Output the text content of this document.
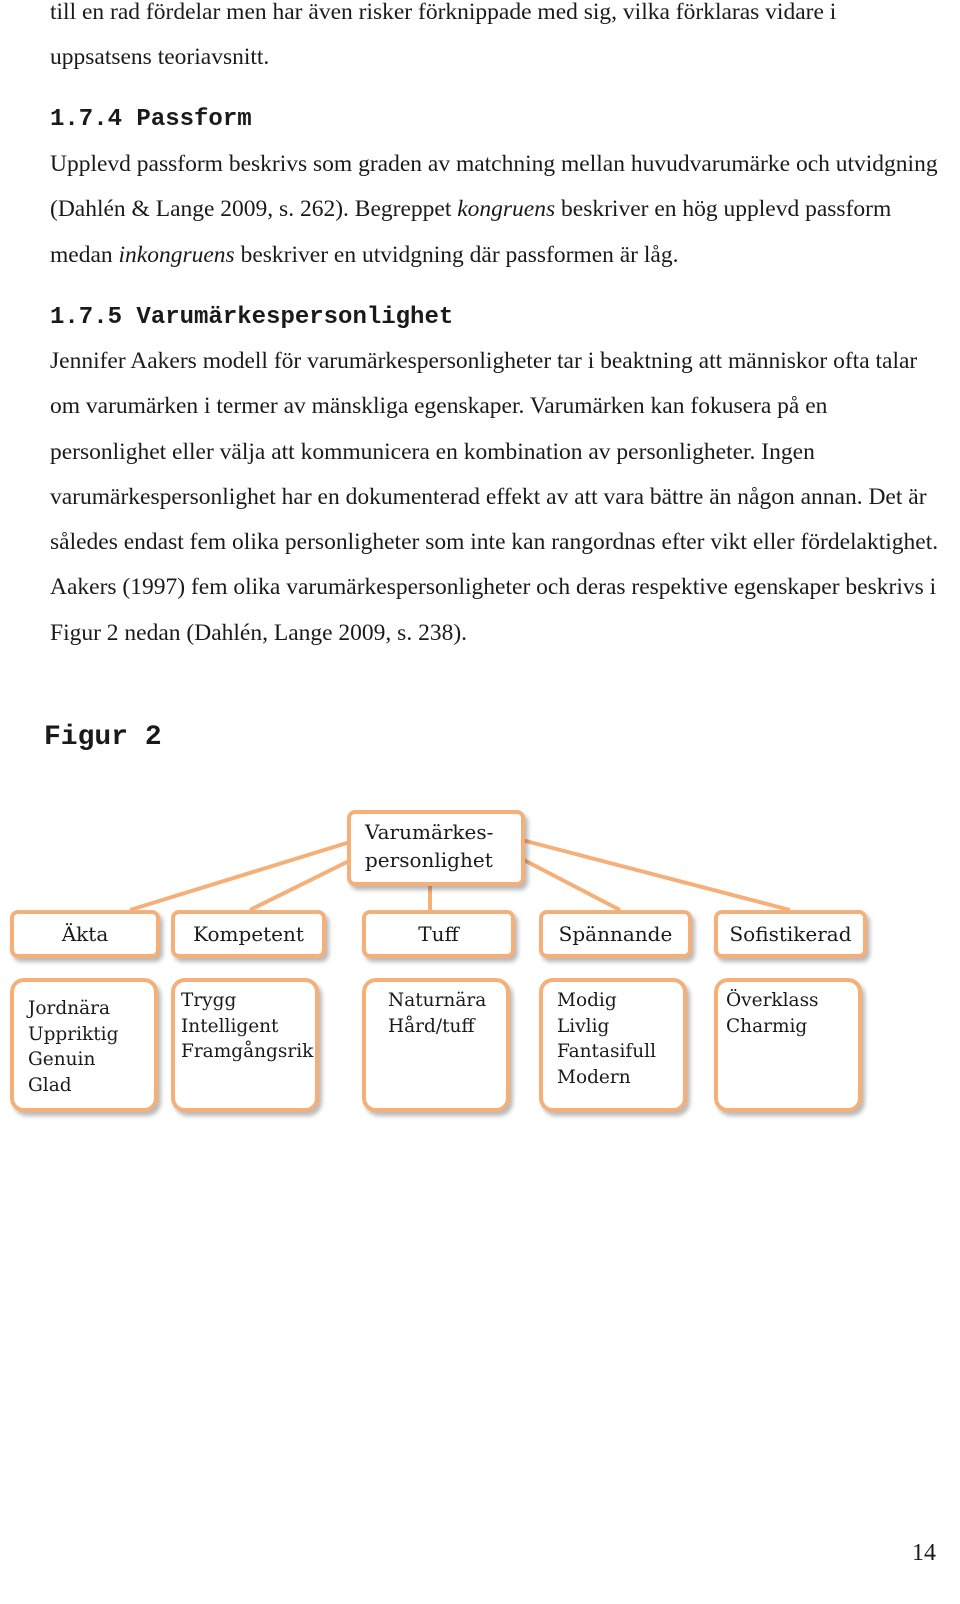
till en rad fördelar men har även risker förknippade med sig, vilka förklaras vidare i
uppsatsens teoriavsnitt.

1.7.4 Passform

Upplevd passform beskrivs som graden av matchning mellan huvudvarumärke och utvidgning (Dahlén & Lange 2009, s. 262). Begreppet kongruens beskriver en hög upplevd passform medan inkongruens beskriver en utvidgning där passformen är låg.

1.7.5 Varumärkespersonlighet

Jennifer Aakers modell för varumärkespersonligheter tar i beaktning att människor ofta talar om varumärken i termer av mänskliga egenskaper. Varumärken kan fokusera på en personlighet eller välja att kommunicera en kombination av personligheter. Ingen varumärkespersonlighet har en dokumenterad effekt av att vara bättre än någon annan. Det är således endast fem olika personligheter som inte kan rangordnas efter vikt eller fördelaktighet. Aakers (1997) fem olika varumärkespersonligheter och deras respektive egenskaper beskrivs i Figur 2 nedan (Dahlén, Lange 2009, s. 238).

Figur 2
Varumärkes-
personlighet
Äkta	Kompetent	Tuff	Spännande	Sofistikerad
Jordnära
Uppriktig
Genuin
Glad
Trygg
Intelligent
Framgångsrik
Naturnära
Hård/tuff
Modig
Livlig
Fantasifull
Modern
Överklass
Charmig
14
